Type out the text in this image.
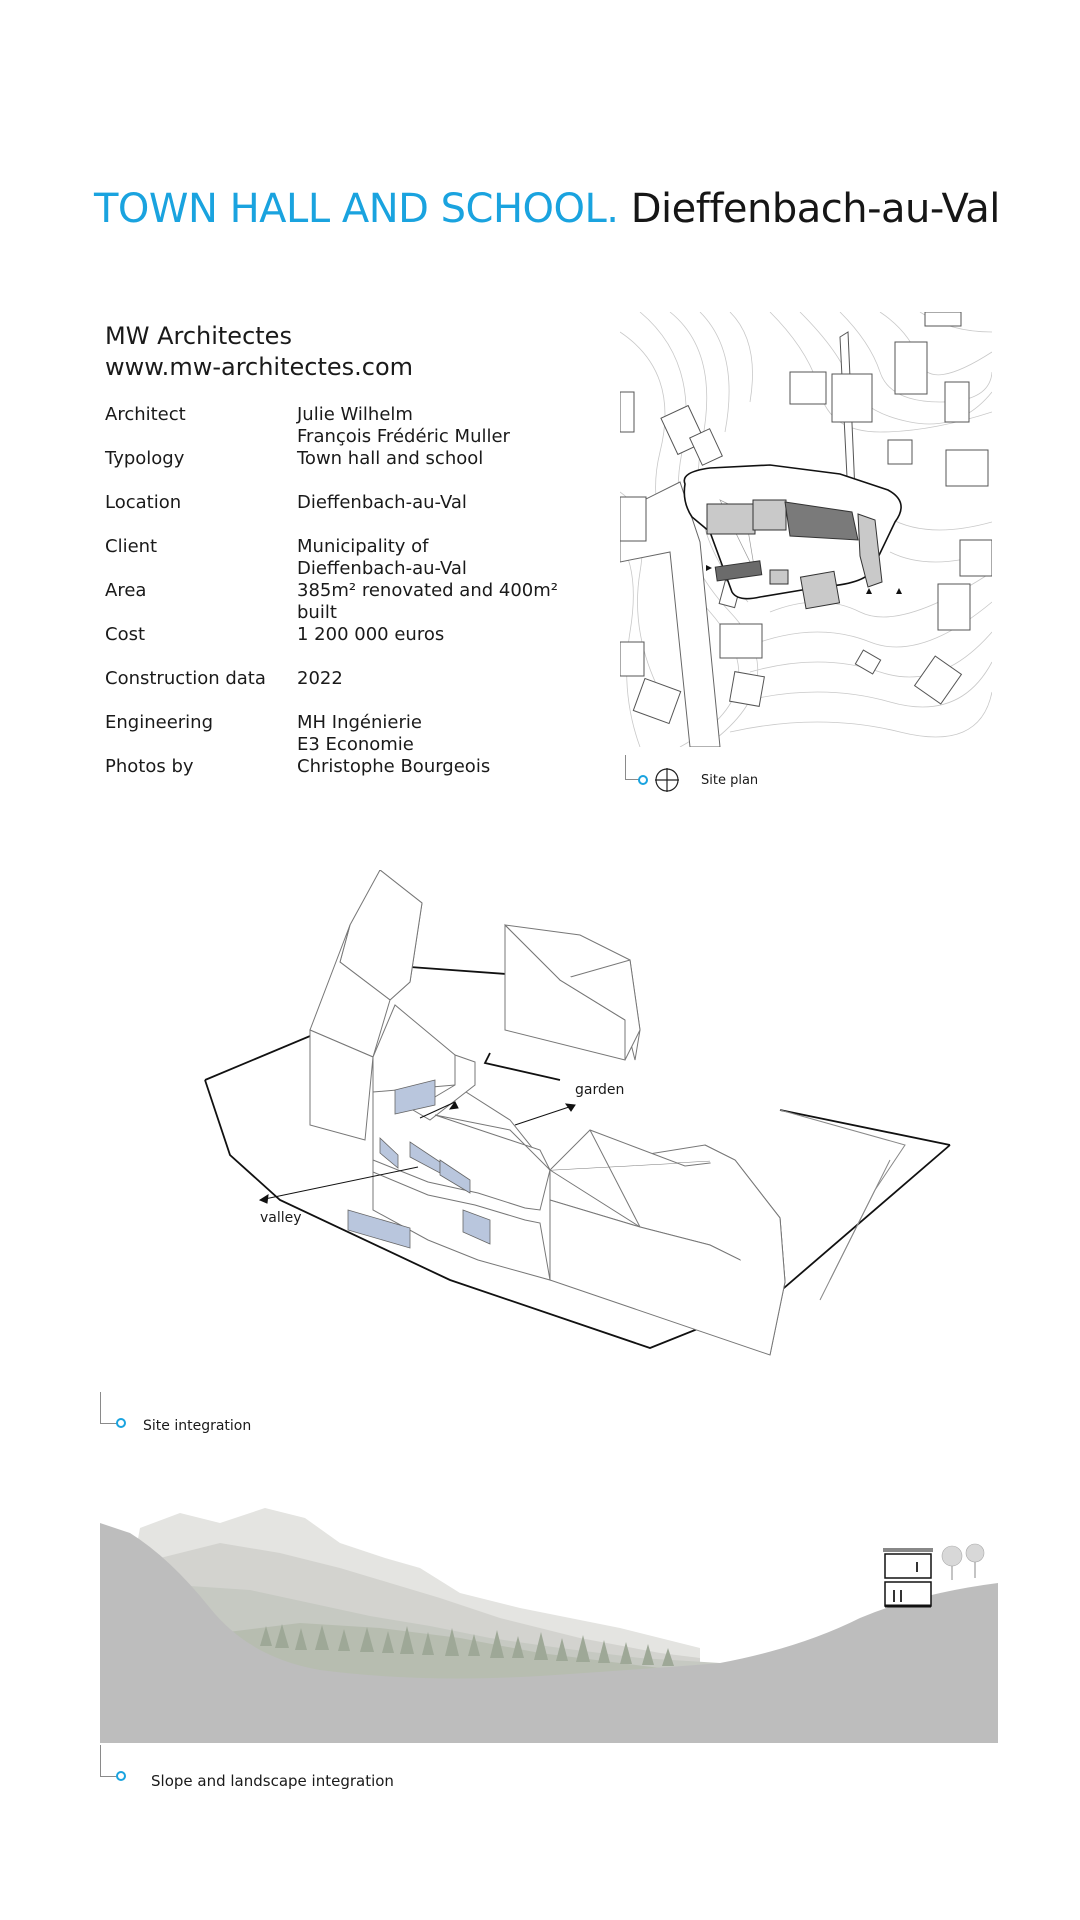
TOWN HALL AND SCHOOL. Dieffenbach-au-Val
MW Architectes
www.mw-architectes.com
Architect	Julie Wilhelm
François Frédéric Muller
Typology	Town hall and school
Location	Dieffenbach-au-Val
Client	Municipality of
Dieffenbach-au-Val
Area	385m² renovated and 400m²
built
Cost	1 200 000 euros
Construction data 2022
Engineering	MH Ingénierie
E3 Economie
Photos by	Christophe Bourgeois
Site plan
garden
valley
Site integration
Slope and landscape integration
